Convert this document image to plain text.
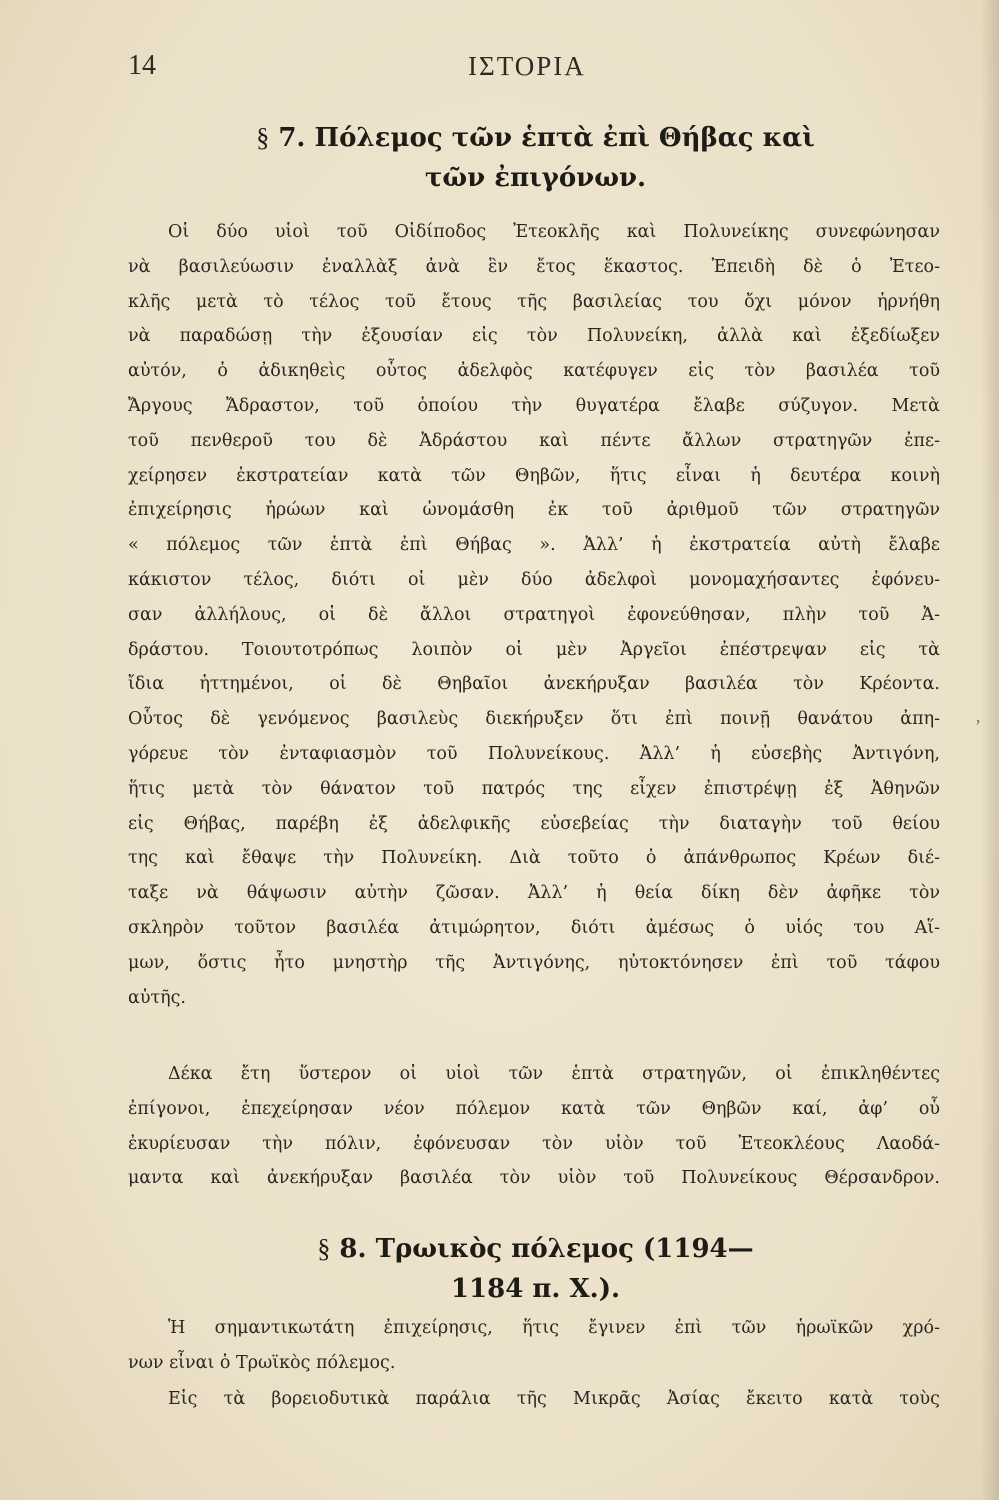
14	ΙΣΤΟΡΙΑ
§ 7. Πόλεμος τῶν ἑπτὰ ἐπὶ Θήβας καὶ
τῶν ἐπιγόνων.
Οἱ δύο υἱοὶ τοῦ Οἰδίποδος Ἐτεοκλῆς καὶ Πολυνείκης συνεφώνησαν
νὰ βασιλεύωσιν ἐναλλὰξ ἀνὰ ἓν ἔτος ἕκαστος. Ἐπειδὴ δὲ ὁ Ἐτεο-
κλῆς μετὰ τὸ τέλος τοῦ ἔτους τῆς βασιλείας του ὄχι μόνον ἠρνήθη
νὰ παραδώσῃ τὴν ἐξουσίαν εἰς τὸν Πολυνείκη, ἀλλὰ καὶ ἐξεδίωξεν
αὐτόν, ὁ ἀδικηθεὶς οὗτος ἀδελφὸς κατέφυγεν εἰς τὸν βασιλέα τοῦ
Ἄργους Ἄδραστον, τοῦ ὁποίου τὴν θυγατέρα ἔλαβε σύζυγον. Μετὰ
τοῦ πενθεροῦ του δὲ Ἀδράστου καὶ πέντε ἄλλων στρατηγῶν ἐπε-
χείρησεν ἐκστρατείαν κατὰ τῶν Θηβῶν, ἥτις εἶναι ἡ δευτέρα κοινὴ
ἐπιχείρησις ἡρώων καὶ ὠνομάσθη ἐκ τοῦ ἀριθμοῦ τῶν στρατηγῶν
« πόλεμος τῶν ἑπτὰ ἐπὶ Θήβας ». Ἀλλ’ ἡ ἐκστρατεία αὐτὴ ἔλαβε
κάκιστον τέλος, διότι οἱ μὲν δύο ἀδελφοὶ μονομαχήσαντες ἐφόνευ-
σαν ἀλλήλους, οἱ δὲ ἄλλοι στρατηγοὶ ἐφονεύθησαν, πλὴν τοῦ Ἀ-
δράστου. Τοιουτοτρόπως λοιπὸν οἱ μὲν Ἀργεῖοι ἐπέστρεψαν εἰς τὰ
ἴδια ἡττημένοι, οἱ δὲ Θηβαῖοι ἀνεκήρυξαν βασιλέα τὸν Κρέοντα.
Οὗτος δὲ γενόμενος βασιλεὺς διεκήρυξεν ὅτι ἐπὶ ποινῇ θανάτου ἀπη-
γόρευε τὸν ἐνταφιασμὸν τοῦ Πολυνείκους. Ἀλλ’ ἡ εὐσεβὴς Ἀντιγόνη,
ἥτις μετὰ τὸν θάνατον τοῦ πατρός της εἶχεν ἐπιστρέψῃ ἐξ Ἀθηνῶν
εἰς Θήβας, παρέβη ἐξ ἀδελφικῆς εὐσεβείας τὴν διαταγὴν τοῦ θείου
της καὶ ἔθαψε τὴν Πολυνείκη. Διὰ τοῦτο ὁ ἀπάνθρωπος Κρέων διέ-
ταξε νὰ θάψωσιν αὐτὴν ζῶσαν. Ἀλλ’ ἡ θεία δίκη δὲν ἀφῆκε τὸν
σκληρὸν τοῦτον βασιλέα ἀτιμώρητον, διότι ἀμέσως ὁ υἱός του Αἵ-
μων, ὅστις ἦτο μνηστὴρ τῆς Ἀντιγόνης, ηὐτοκτόνησεν ἐπὶ τοῦ τάφου
αὐτῆς.
Δέκα ἔτη ὕστερον οἱ υἱοὶ τῶν ἑπτὰ στρατηγῶν, οἱ ἐπικληθέντες
ἐπίγονοι, ἐπεχείρησαν νέον πόλεμον κατὰ τῶν Θηβῶν καί, ἀφ’ οὗ
ἐκυρίευσαν τὴν πόλιν, ἐφόνευσαν τὸν υἱὸν τοῦ Ἐτεοκλέους Λαοδά-
μαντα καὶ ἀνεκήρυξαν βασιλέα τὸν υἱὸν τοῦ Πολυνείκους Θέρσανδρον.
§ 8. Τρωικὸς πόλεμος (1194—
1184 π. Χ.).
Ἡ σημαντικωτάτη ἐπιχείρησις, ἥτις ἔγινεν ἐπὶ τῶν ἡρωϊκῶν χρό-
νων εἶναι ὁ Τρωϊκὸς πόλεμος.
Εἰς τὰ βορειοδυτικὰ παράλια τῆς Μικρᾶς Ἀσίας ἔκειτο κατὰ τοὺς
‚
